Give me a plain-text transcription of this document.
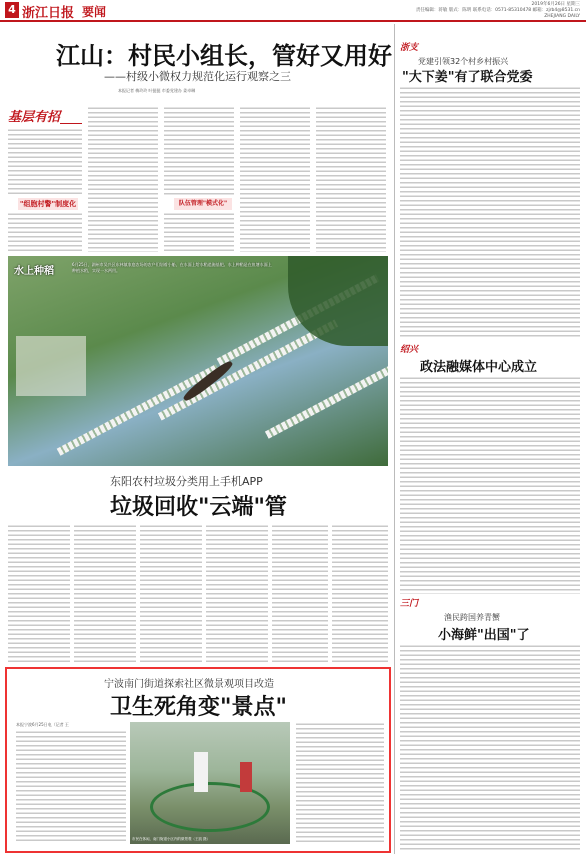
4 浙江日报 要闻
2019年6月26日 星期三
责任编辑：蒋敏 版式：陈明 联系电话：0571-85310478 邮箱：zjrb4@8531.cn
ZHEJIANG DAILY
江山：村民小组长，管好又用好
——村级小微权力规范化运行观察之三
本报记者 梅玲玲 叶挺挺 市委党建办 姜卓琳
基层有招
"组胞村警"制度化	队伍管理"模式化"
水上种稻
6月25日，湖州市吴兴区东林镇家庭农场的农户们划着小船，在水面上给水稻追施基肥。水上种稻是在鱼塘水面上种植水稻，实现一水两用。
东阳农村垃圾分类用上手机APP
垃圾回收"云端"管
宁波南门街道探索社区微景观项目改造
卫生死角变"景点"
本报宁波6月25日电（记者 王
市民在休闲，南门街道小区内的微景观（王凯 摄）
浙支
党建引领32个村乡村振兴
"大下姜"有了联合党委
绍兴
政法融媒体中心成立
三门
渔民跨国养青蟹
小海鲜"出国"了
